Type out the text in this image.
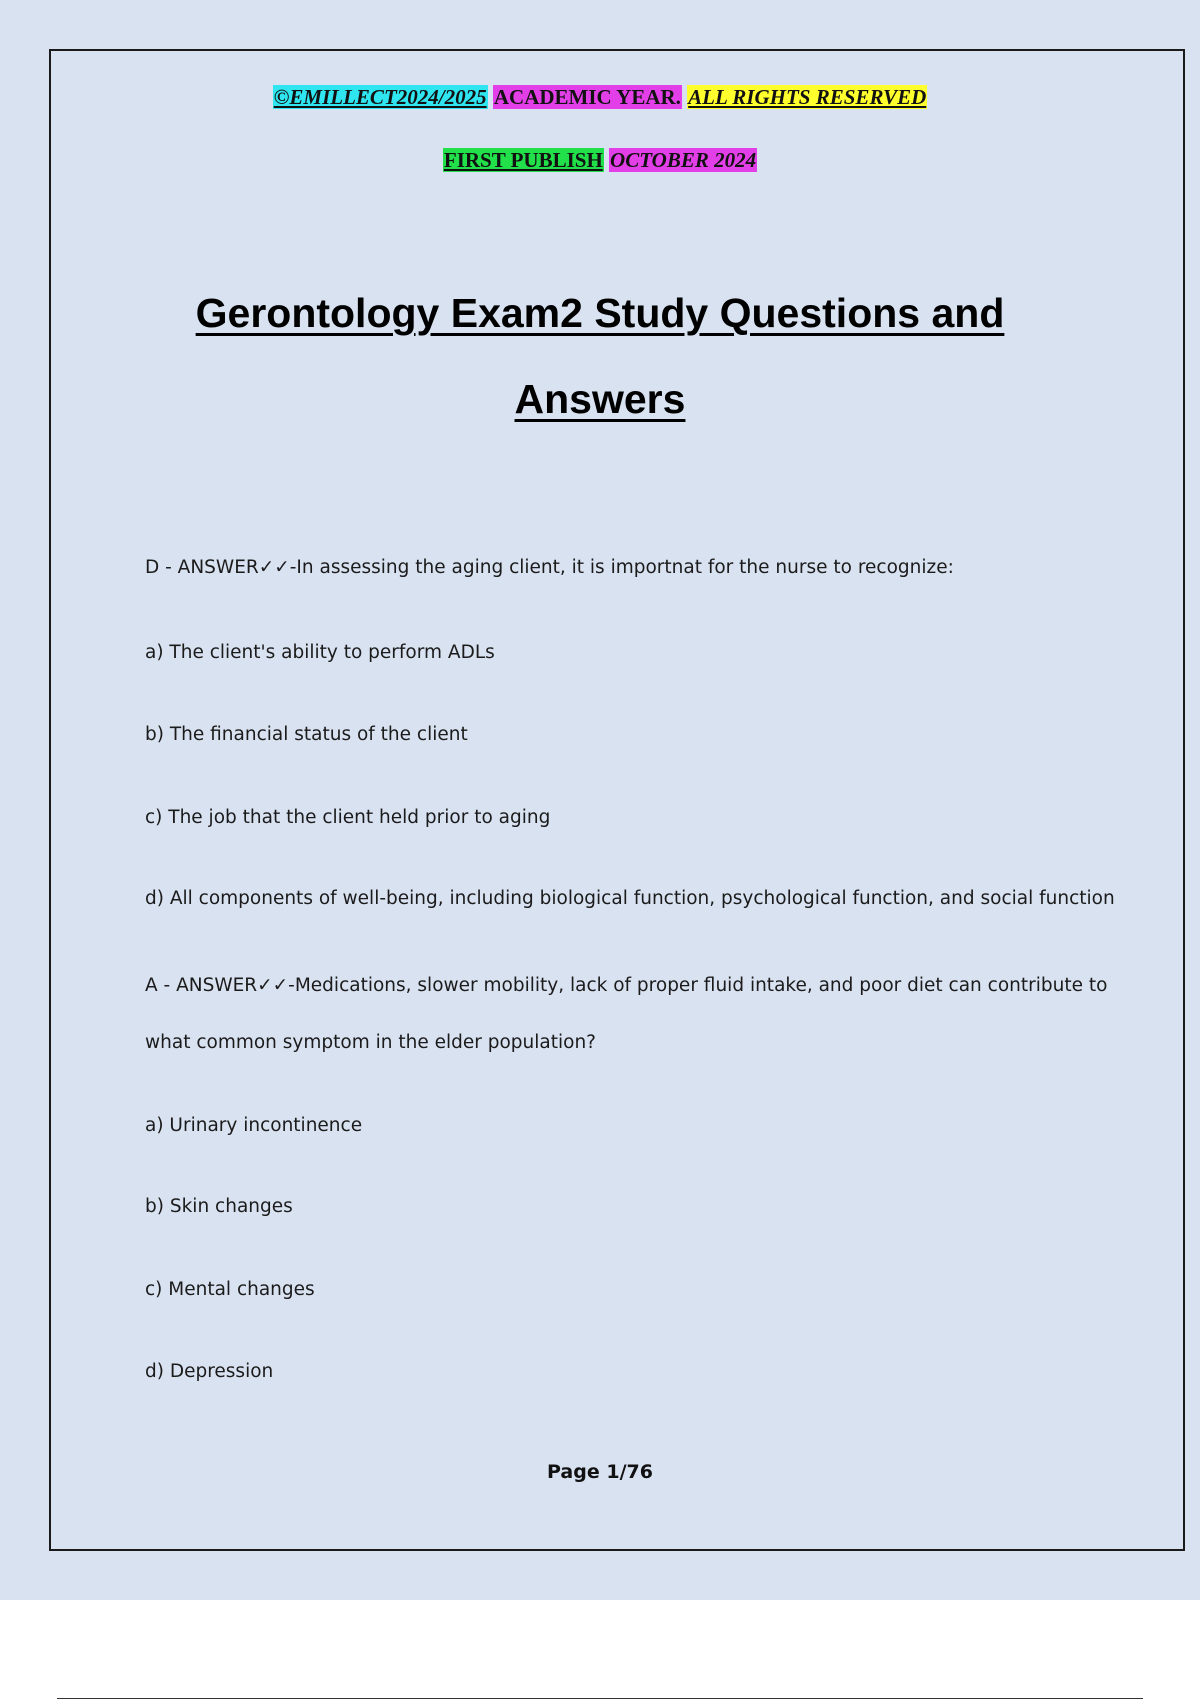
©EMILLECT2024/2025 ACADEMIC YEAR. ALL RIGHTS RESERVED
FIRST PUBLISH OCTOBER 2024
Gerontology Exam2 Study Questions and
Answers
D - ANSWER✓✓-In assessing the aging client, it is importnat for the nurse to recognize:
a) The client's ability to perform ADLs
b) The financial status of the client
c) The job that the client held prior to aging
d) All components of well-being, including biological function, psychological function, and social function
A - ANSWER✓✓-Medications, slower mobility, lack of proper fluid intake, and poor diet can contribute to
what common symptom in the elder population?
a) Urinary incontinence
b) Skin changes
c) Mental changes
d) Depression
Page 1/76
